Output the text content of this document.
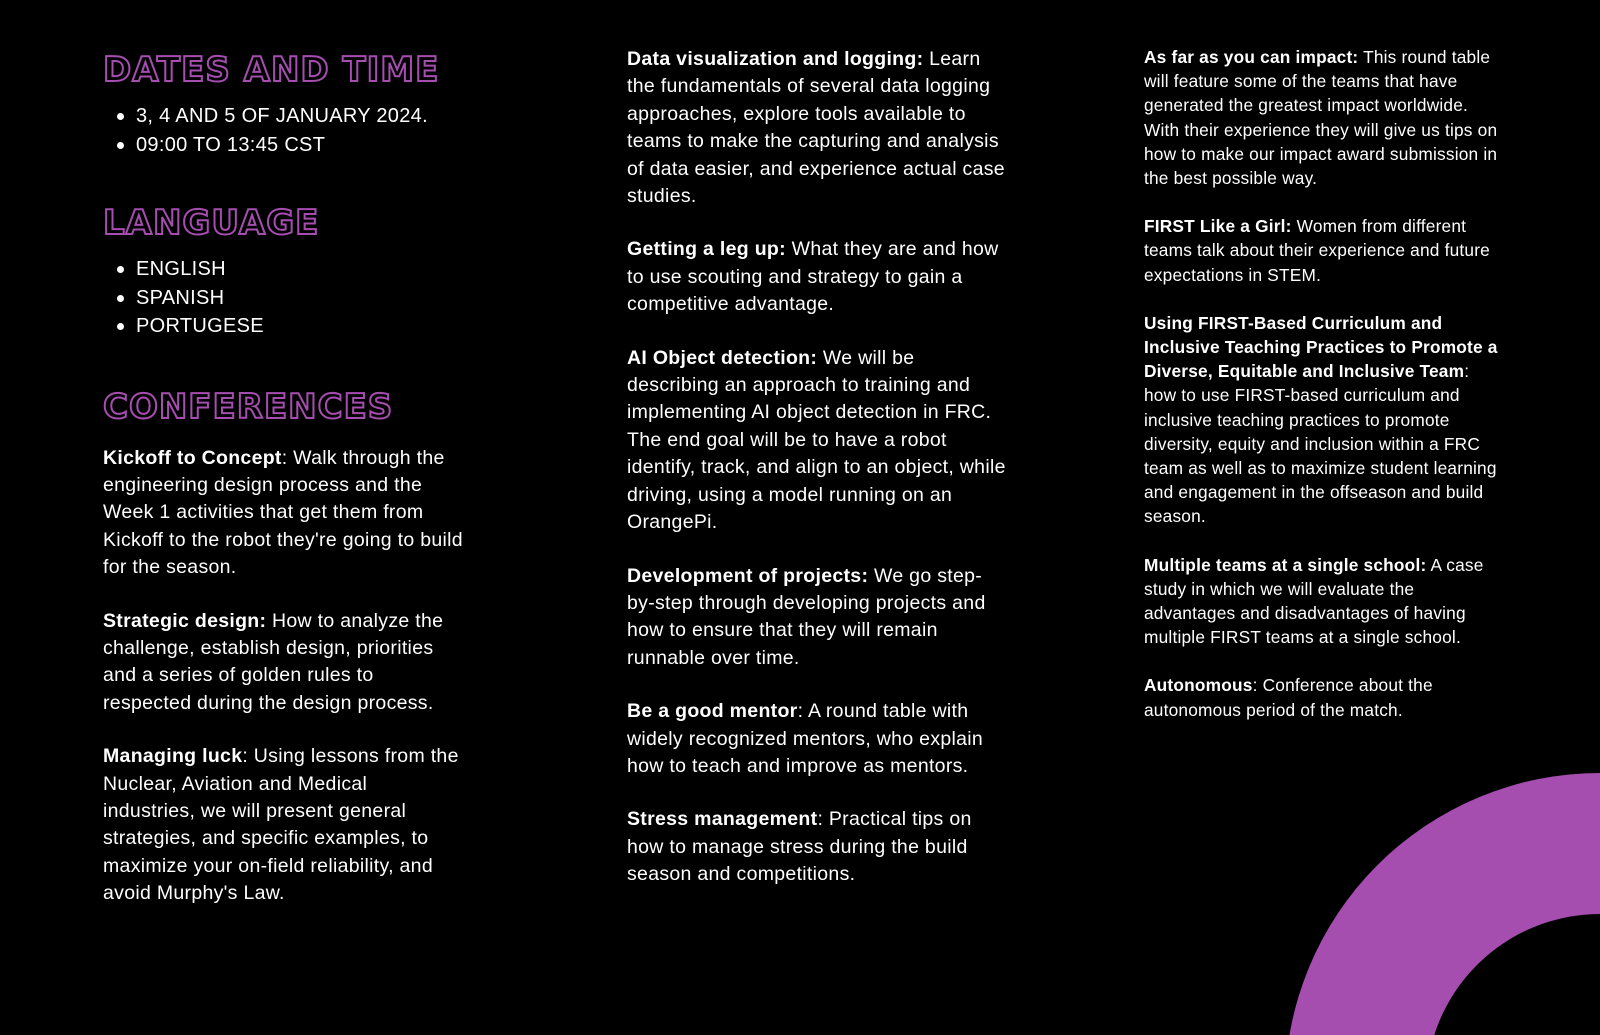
DATES AND TIME
3, 4 AND 5 OF JANUARY 2024.
09:00 TO 13:45 CST
LANGUAGE
ENGLISH
SPANISH
PORTUGESE
CONFERENCES

Kickoff to Concept: Walk through the engineering design process and the Week 1 activities that get them from Kickoff to the robot they're going to build for the season.

Strategic design: How to analyze the challenge, establish design, priorities and a series of golden rules to respected during the design process.

Managing luck: Using lessons from the Nuclear, Aviation and Medical industries, we will present general strategies, and specific examples, to maximize your on-field reliability, and avoid Murphy's Law.

Data visualization and logging: Learn the fundamentals of several data logging approaches, explore tools available to teams to make the capturing and analysis of data easier, and experience actual case studies.

Getting a leg up: What they are and how to use scouting and strategy to gain a competitive advantage.

AI Object detection: We will be describing an approach to training and implementing AI object detection in FRC. The end goal will be to have a robot identify, track, and align to an object, while driving, using a model running on an OrangePi.

Development of projects: We go step-by-step through developing projects and how to ensure that they will remain runnable over time.

Be a good mentor: A round table with widely recognized mentors, who explain how to teach and improve as mentors.

Stress management: Practical tips on how to manage stress during the build season and competitions.

As far as you can impact: This round table will feature some of the teams that have generated the greatest impact worldwide. With their experience they will give us tips on how to make our impact award submission in the best possible way.

FIRST Like a Girl: Women from different teams talk about their experience and future expectations in STEM.

Using FIRST-Based Curriculum and Inclusive Teaching Practices to Promote a Diverse, Equitable and Inclusive Team: how to use FIRST-based curriculum and inclusive teaching practices to promote diversity, equity and inclusion within a FRC team as well as to maximize student learning and engagement in the offseason and build season.

Multiple teams at a single school: A case study in which we will evaluate the advantages and disadvantages of having multiple FIRST teams at a single school.

Autonomous: Conference about the autonomous period of the match.
